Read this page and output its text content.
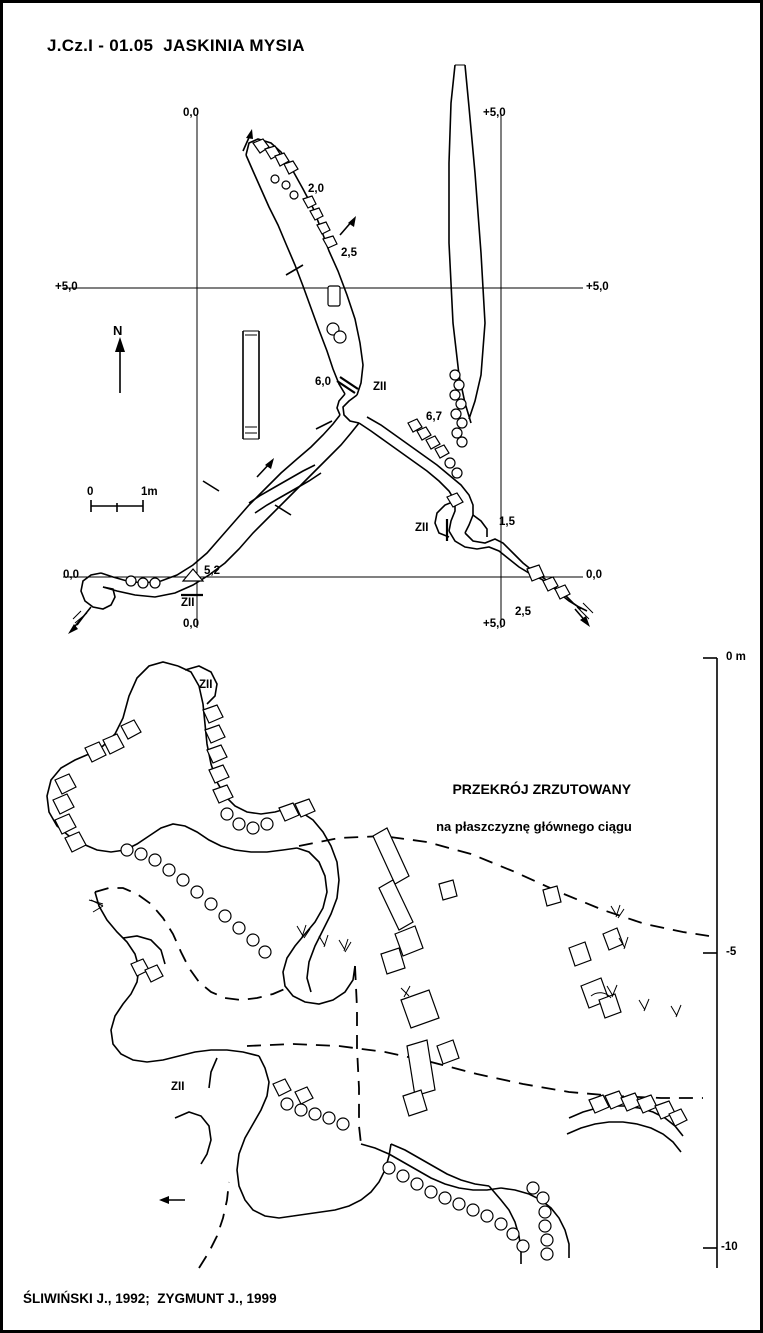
J.Cz.I - 01.05  JASKINIA MYSIA
0,0	+5,0
+5,0	+5,0
0,0	0,0
0,0	+5,0
N
0	1m
2,0
2,5
6,0
6,7
1,5
5,2
2,5
ZII
ZII
ZII

PRZEKRÓJ ZRZUTOWANY

na płaszczyznę głównego ciągu

ZII
ZII
0 m
-5
-10
ŚLIWIŃSKI J., 1992;  ZYGMUNT J., 1999
